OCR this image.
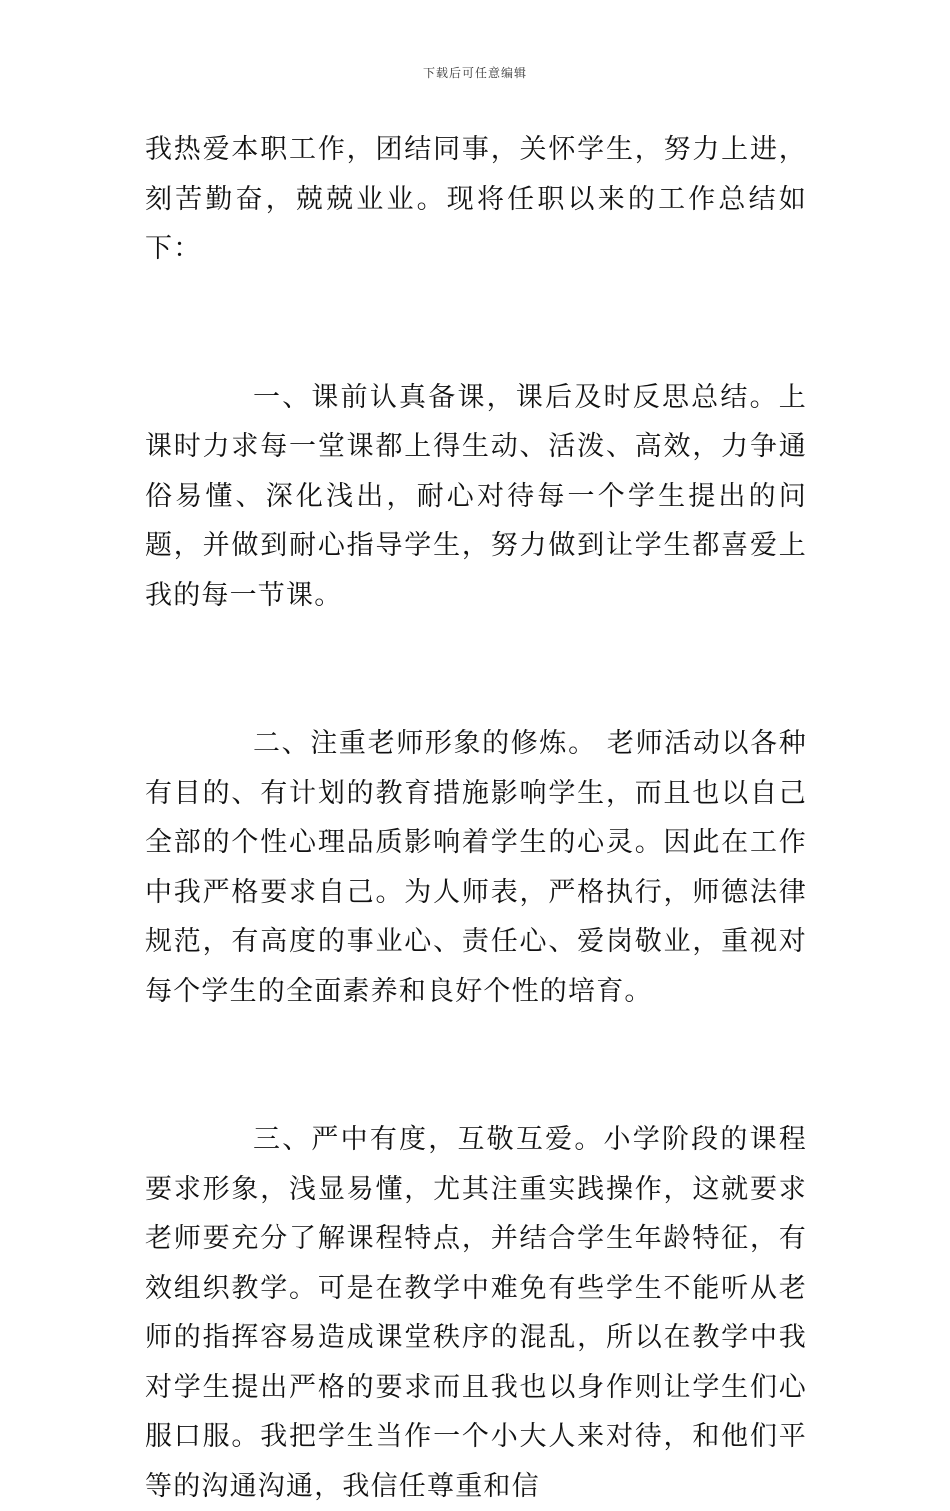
下载后可任意编辑

我热爱本职工作，团结同事，关怀学生，努力上进，刻苦勤奋，兢兢业业。现将任职以来的工作总结如下：

一、课前认真备课，课后及时反思总结。上课时力求每一堂课都上得生动、活泼、高效，力争通俗易懂、深化浅出，耐心对待每一个学生提出的问题，并做到耐心指导学生，努力做到让学生都喜爱上我的每一节课。

二、注重老师形象的修炼。 老师活动以各种有目的、有计划的教育措施影响学生，而且也以自己全部的个性心理品质影响着学生的心灵。因此在工作中我严格要求自己。为人师表，严格执行，师德法律规范，有高度的事业心、责任心、爱岗敬业，重视对每个学生的全面素养和良好个性的培育。

三、严中有度，互敬互爱。小学阶段的课程要求形象，浅显易懂，尤其注重实践操作，这就要求老师要充分了解课程特点，并结合学生年龄特征，有效组织教学。可是在教学中难免有些学生不能听从老师的指挥容易造成课堂秩序的混乱，所以在教学中我对学生提出严格的要求而且我也以身作则让学生们心服口服。我把学生当作一个小大人来对待，和他们平等的沟通沟通，我信任尊重和信
